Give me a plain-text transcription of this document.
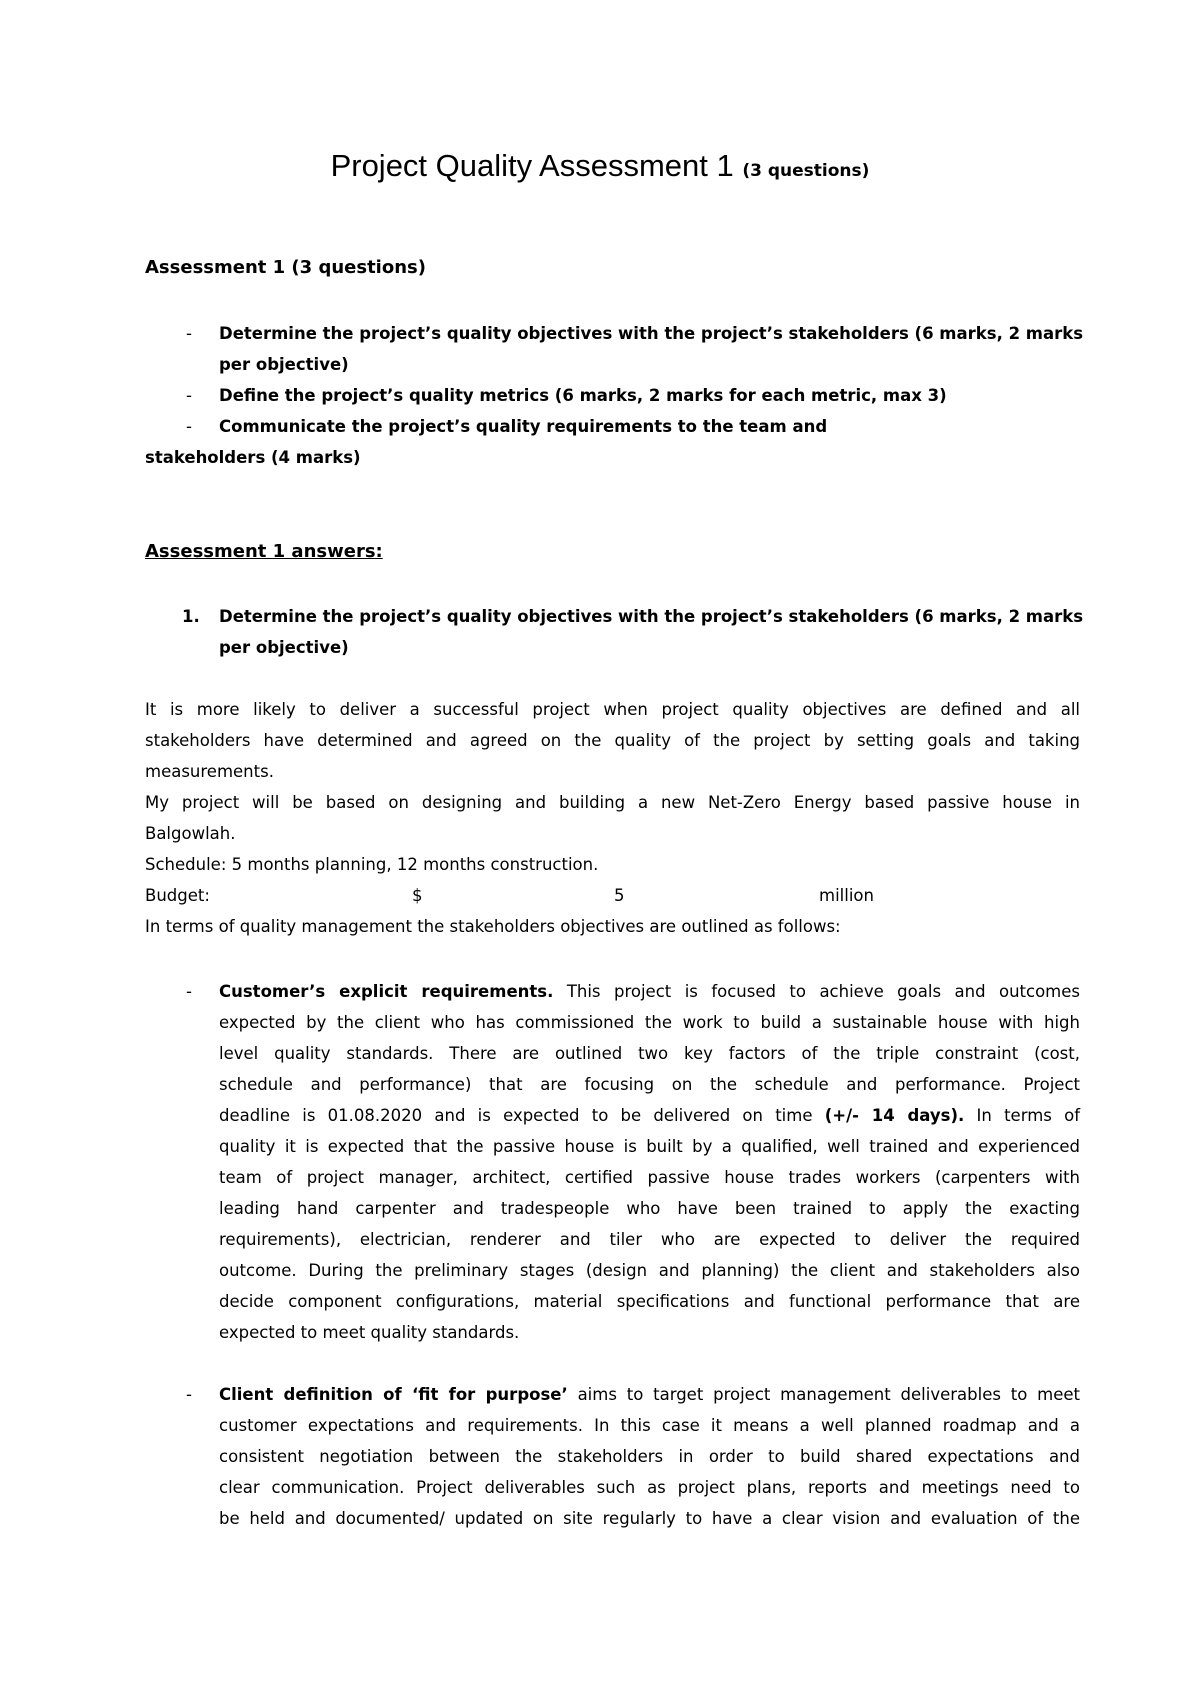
Project Quality Assessment 1 (3 questions)
Assessment 1 (3 questions)
- Determine the project’s quality objectives with the project’s stakeholders (6 marks, 2 marks
per objective)
- Define the project’s quality metrics (6 marks, 2 marks for each metric, max 3)
- Communicate the project’s quality requirements to the team and
stakeholders (4 marks)
Assessment 1 answers:
1. Determine the project’s quality objectives with the project’s stakeholders (6 marks, 2 marks
per objective)
It is more likely to deliver a successful project when project quality objectives are defined and all
stakeholders have determined and agreed on the quality of the project by setting goals and taking
measurements.
My project will be based on designing and building a new Net-Zero Energy based passive house in
Balgowlah.
Schedule: 5 months planning, 12 months construction.
Budget:	$	5	million
In terms of quality management the stakeholders objectives are outlined as follows:
- Customer’s explicit requirements. This project is focused to achieve goals and outcomes
expected by the client who has commissioned the work to build a sustainable house with high
level quality standards. There are outlined two key factors of the triple constraint (cost,
schedule and performance) that are focusing on the schedule and performance. Project
deadline is 01.08.2020 and is expected to be delivered on time (+/- 14 days). In terms of
quality it is expected that the passive house is built by a qualified, well trained and experienced
team of project manager, architect, certified passive house trades workers (carpenters with
leading hand carpenter and tradespeople who have been trained to apply the exacting
requirements), electrician, renderer and tiler who are expected to deliver the required
outcome. During the preliminary stages (design and planning) the client and stakeholders also
decide component configurations, material specifications and functional performance that are
expected to meet quality standards.
- Client definition of ‘fit for purpose’ aims to target project management deliverables to meet
customer expectations and requirements. In this case it means a well planned roadmap and a
consistent negotiation between the stakeholders in order to build shared expectations and
clear communication. Project deliverables such as project plans, reports and meetings need to
be held and documented/ updated on site regularly to have a clear vision and evaluation of the
